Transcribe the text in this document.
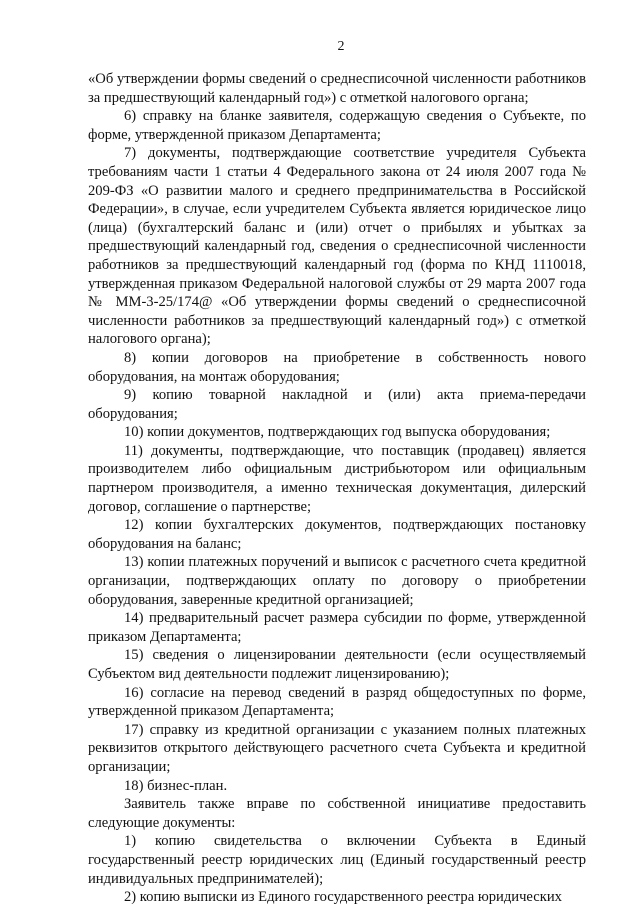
2

«Об утверждении формы сведений о среднесписочной численности работников за предшествующий календарный год») с отметкой налогового органа;

6) справку на бланке заявителя, содержащую сведения о Субъекте, по форме, утвержденной приказом Департамента;

7) документы, подтверждающие соответствие учредителя Субъекта требованиям части 1 статьи 4 Федерального закона от 24 июля 2007 года № 209-ФЗ «О развитии малого и среднего предпринимательства в Российской Федерации», в случае, если учредителем Субъекта является юридическое лицо (лица) (бухгалтерский баланс и (или) отчет о прибылях и убытках за предшествующий календарный год, сведения о среднесписочной численности работников за предшествующий календарный год (форма по КНД 1110018, утвержденная приказом Федеральной налоговой службы от 29 марта 2007 года № ММ-3-25/174@ «Об утверждении формы сведений о среднесписочной численности работников за предшествующий календарный год») с отметкой налогового органа);

8) копии договоров на приобретение в собственность нового оборудования, на монтаж оборудования;

9) копию товарной накладной и (или) акта приема-передачи оборудования;

10) копии документов, подтверждающих год выпуска оборудования;

11) документы, подтверждающие, что поставщик (продавец) является производителем либо официальным дистрибьютором или официальным партнером производителя, а именно техническая документация, дилерский договор, соглашение о партнерстве;

12) копии бухгалтерских документов, подтверждающих постановку оборудования на баланс;

13) копии платежных поручений и выписок с расчетного счета кредитной организации, подтверждающих оплату по договору о приобретении оборудования, заверенные кредитной организацией;

14) предварительный расчет размера субсидии по форме, утвержденной приказом Департамента;

15) сведения о лицензировании деятельности (если осуществляемый Субъектом вид деятельности подлежит лицензированию);

16) согласие на перевод сведений в разряд общедоступных по форме, утвержденной приказом Департамента;

17) справку из кредитной организации с указанием полных платежных реквизитов открытого действующего расчетного счета Субъекта и кредитной организации;

18) бизнес-план.

Заявитель также вправе по собственной инициативе предоставить следующие документы:

1) копию свидетельства о включении Субъекта в Единый государственный реестр юридических лиц (Единый государственный реестр индивидуальных предпринимателей);

2) копию выписки из Единого государственного реестра юридических
